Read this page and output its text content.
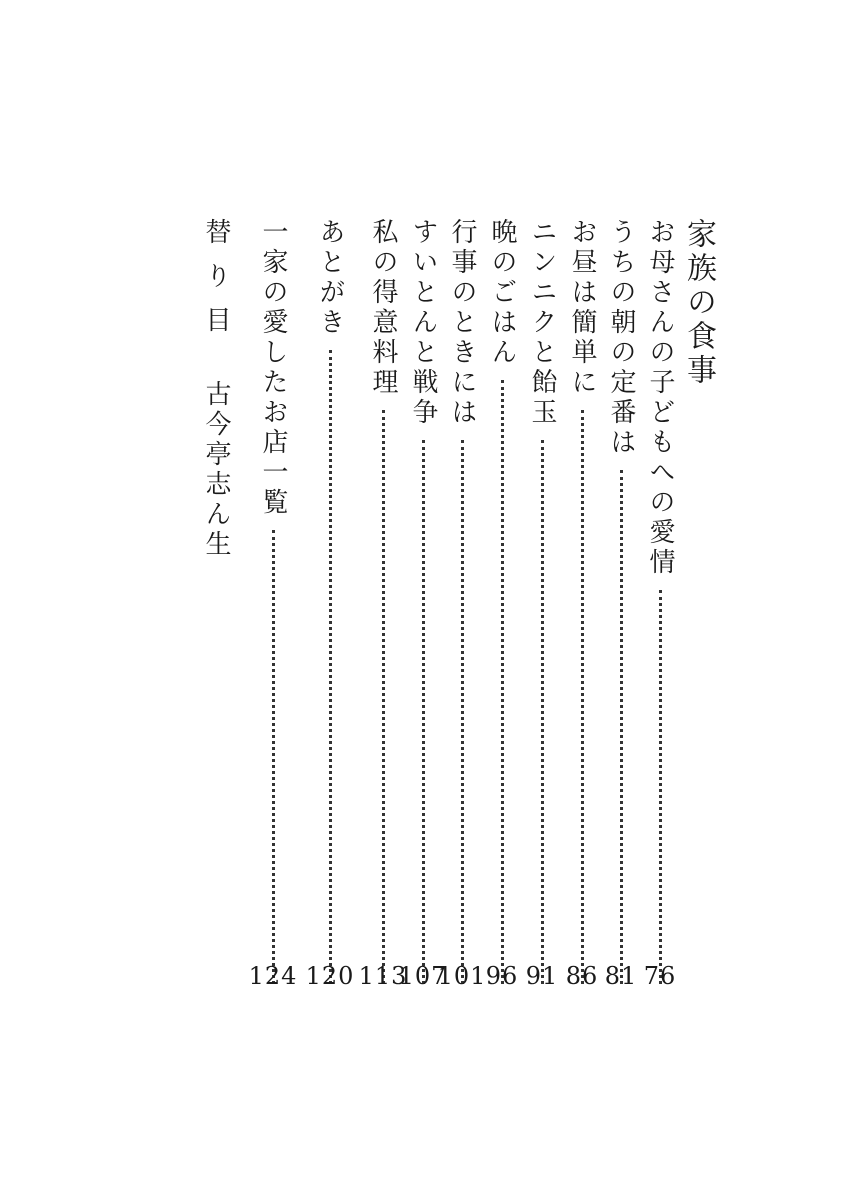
家族の食事
お母さんの子どもへの愛情
76
うちの朝の定番は
81
お昼は簡単に
86
ニンニクと飴玉
91
晩のごはん
96
行事のときには
101
すいとんと戦争
107
私の得意料理
113
あとがき
120
一家の愛したお店一覧
124
替り目
古今亭志ん生
